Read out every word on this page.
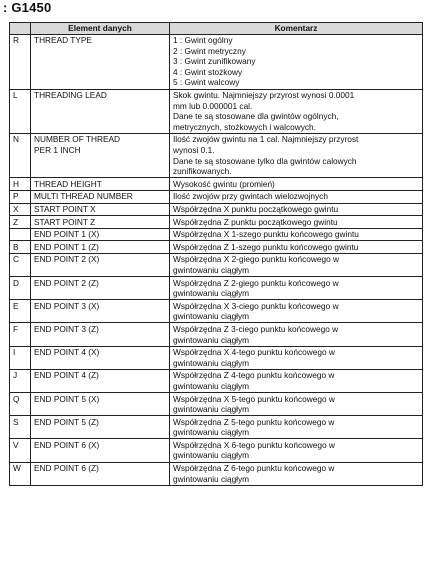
: G1450
	Element danych	Komentarz
R	THREAD TYPE	1 : Gwint ogólny
2 : Gwint metryczny
3 : Gwint zunifikowany
4 : Gwint stożkowy
5 : Gwint walcowy

L	THREADING LEAD	Skok gwintu. Najmniejszy przyrost wynosi 0.0001
mm lub 0.000001 cal.
Dane te są stosowane dla gwintów ogólnych,
metrycznych, stożkowych i walcowych.

N	NUMBER OF THREAD
PER 1 INCH	Ilość zwojów gwintu na 1 cal. Najmniejszy przyrost
wynosi 0.1.
Dane te są stosowane tylko dla gwintów calowych
zunifikowanych.

H	THREAD HEIGHT	Wysokość gwintu (promień)

P	MULTI THREAD NUMBER	Ilość zwojów przy gwintach wielozwojnych

X	START POINT X	Współrzędna X punktu początkowego gwintu

Z	START POINT Z	Współrzędna Z punktu początkowego gwintu

	END POINT 1 (X)	Współrzędna X 1-szego punktu końcowego gwintu

B	END POINT 1 (Z)	Współrzędna Z 1-szego punktu końcowego gwintu

C	END POINT 2 (X)	Współrzędna X 2-giego punktu końcowego w
gwintowaniu ciągłym

D	END POINT 2 (Z)	Współrzędna Z 2-giego punktu końcowego w
gwintowaniu ciągłym

E	END POINT 3 (X)	Współrzędna X 3-ciego punktu końcowego w
gwintowaniu ciągłym

F	END POINT 3 (Z)	Współrzędna Z 3-ciego punktu końcowego w
gwintowaniu ciągłym

I	END POINT 4 (X)	Współrzędna X 4-tego punktu końcowego w
gwintowaniu ciągłym

J	END POINT 4 (Z)	Współrzędna Z 4-tego punktu końcowego w
gwintowaniu ciągłym

Q	END POINT 5 (X)	Współrzędna X 5-tego punktu końcowego w
gwintowaniu ciągłym

S	END POINT 5 (Z)	Współrzędna Z 5-tego punktu końcowego w
gwintowaniu ciągłym

V	END POINT 6 (X)	Współrzędna X 6-tego punktu końcowego w
gwintowaniu ciągłym

W	END POINT 6 (Z)	Współrzędna Z 6-tego punktu końcowego w
gwintowaniu ciągłym
